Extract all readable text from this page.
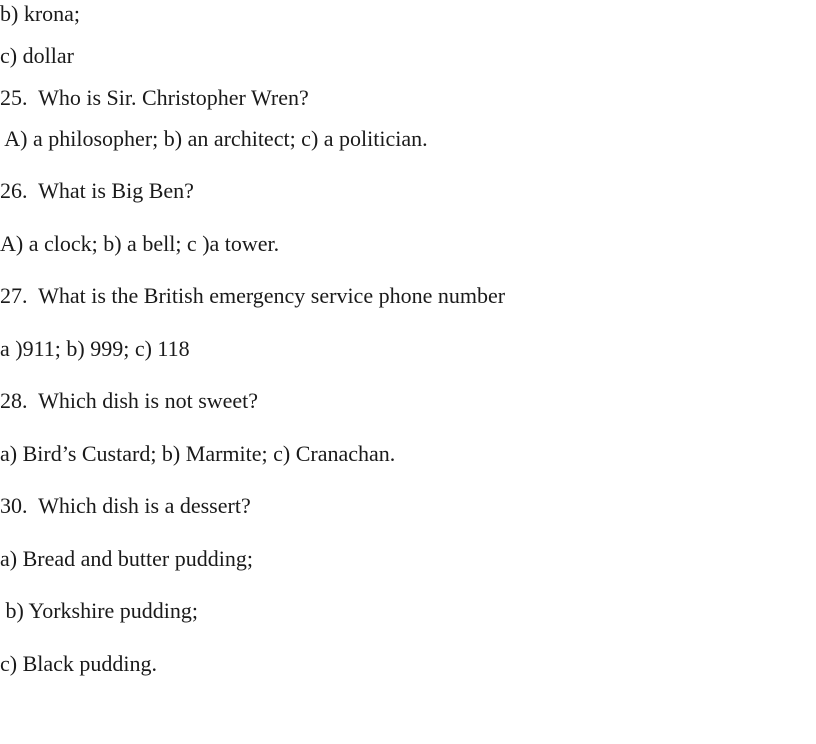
b) krona;
c) dollar
25.  Who is Sir. Christopher Wren?
A) a philosopher; b) an architect; c) a politician.
26.  What is Big Ben?
A) a clock; b) a bell; c )a tower.
27.  What is the British emergency service phone number
a )911; b) 999; c) 118
28.  Which dish is not sweet?
a) Bird’s Custard; b) Marmite; c) Cranachan.
30.  Which dish is a dessert?
a) Bread and butter pudding;
b) Yorkshire pudding;
c) Black pudding.
